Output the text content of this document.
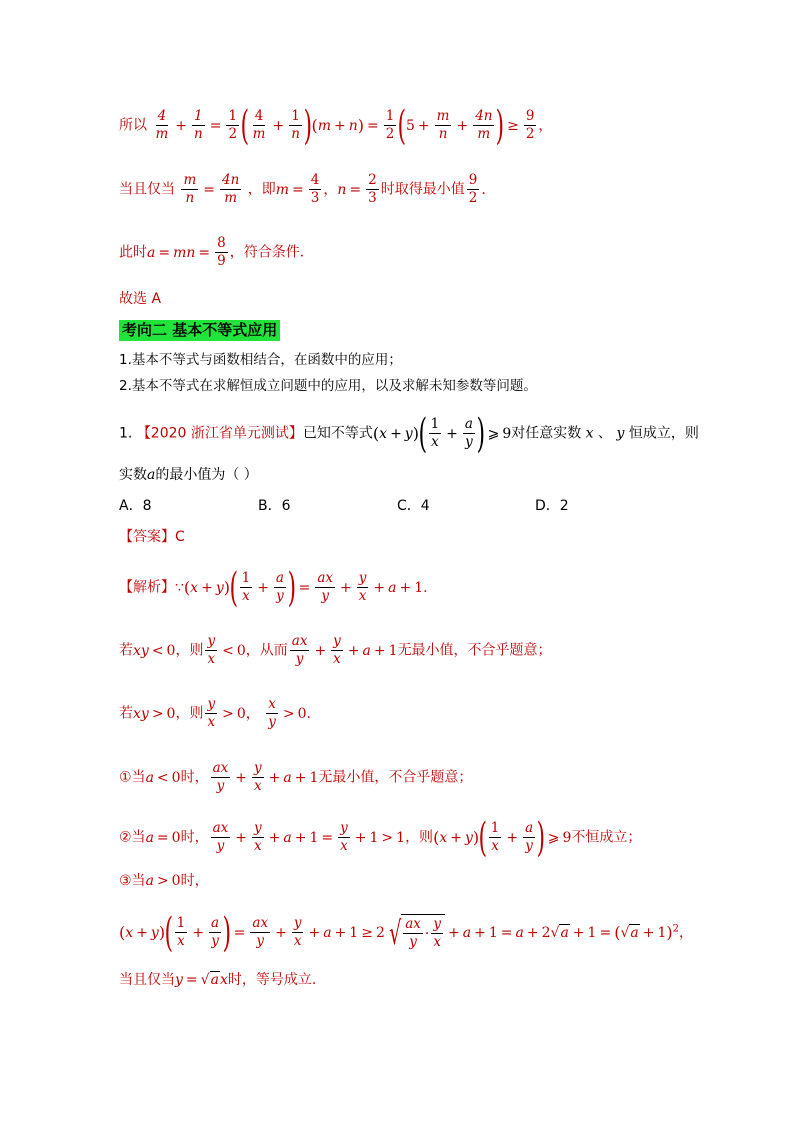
所以 $\frac{4}{m} + \frac{1}{n} = \frac{1}{2}$ ( $\frac{4}{m} + \frac{1}{n} )(m + n) = \frac{1}{2} (5 + \frac{m}{n} + \frac{4n}{m}$ ) ≥ $\frac{9}{2}$ ，
当且仅当 $\frac{m}{n} = \frac{4n}{m}$ ，即$m = \frac{4}{3}$ ，$n = \frac{2}{3}$ 时取得最小值 $\frac{9}{2}$ ．
此时a = mn = $\frac{8}{9}$ ，符合条件．
故选 A
考向二 基本不等式应用
1.基本不等式与函数相结合，在函数中的应用；
2.基本不等式在求解恒成立问题中的应用，以及求解未知参数等问题。
1. 【2020 浙江省单元测试】已知不等式$(x + y)( \frac{1}{x} + \frac{a}{y}$ ) ⩾ 9对任意实数 x 、 y 恒成立，则
实数a的最小值为（ ）
A．8	B．6	C．4	D．2
【答案】C
【解析】∵(x + $y)( \frac{1}{x} + \frac{a}{y}$ ) = $\frac{ax}{y} + \frac{y}{x} + a + 1$.
若xy < 0，则 $\frac{y}{x} < 0$，从而 $\frac{ax}{y} + \frac{y}{x} + a + 1$无最小值，不合乎题意；
若xy > 0，则 $\frac{y}{x} > 0$， $\frac{x}{y} > 0$.
①当a < 0时， $\frac{ax}{y} + \frac{y}{x} + a + 1$无最小值，不合乎题意；
②当a = 0时， $\frac{ax}{y} + \frac{y}{x} + a + 1 = \frac{y}{x} + 1 > 1$，则$(x + y)( \frac{1}{x} + \frac{a}{y}$ ) ⩾ 9不恒成立；
③当a > 0时，
$(x + y)( \frac{1}{x} + \frac{a}{y}$ ) = $\frac{ax}{y} + \frac{y}{x} + a + 1 \ge 2$ √ $\frac{ax}{y} \cdot \frac{y}{x} + a + 1 = a + 2√a + 1 = (√a + 1)^2$，
当且仅当y = √ax时，等号成立.
